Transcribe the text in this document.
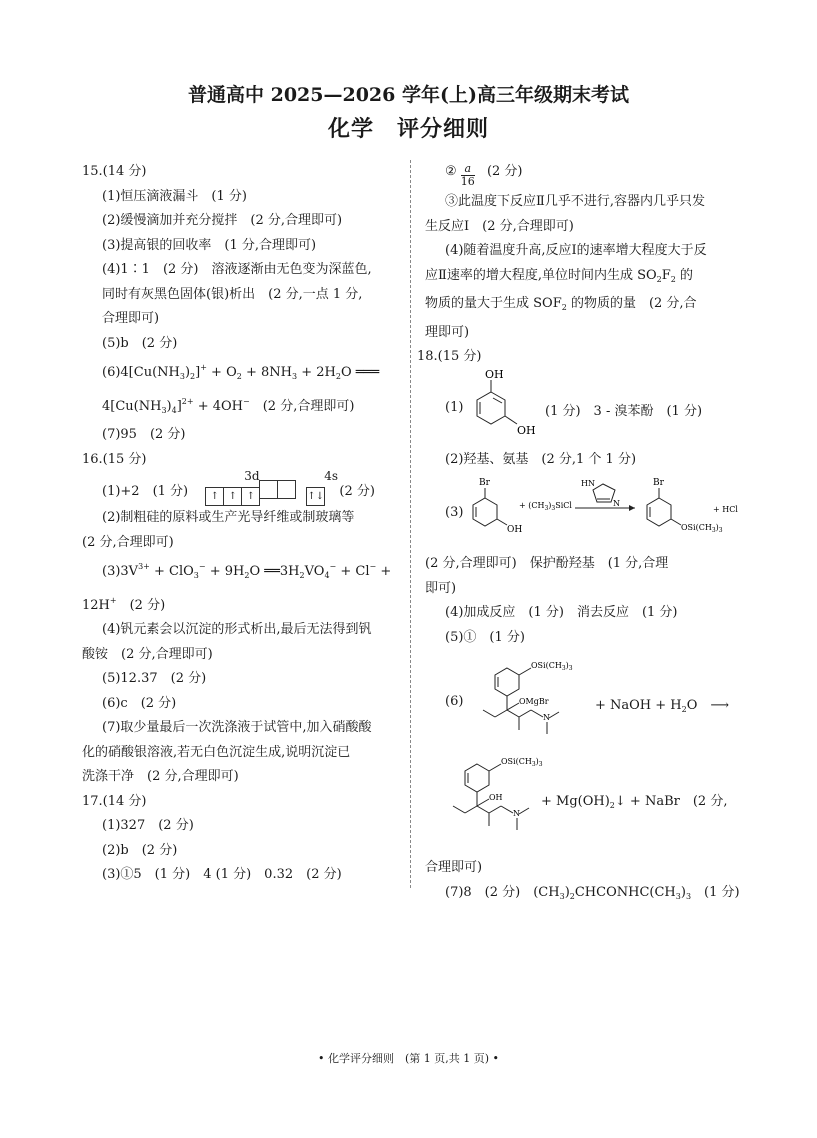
普通高中 2025—2026 学年(上)高三年级期末考试
化学　评分细则
15.(14 分)
(1)恒压滴液漏斗　(1 分)
(2)缓慢滴加并充分搅拌　(2 分,合理即可)
(3)提高银的回收率　(1 分,合理即可)
(4)1∶1　(2 分)　溶液逐渐由无色变为深蓝色,
同时有灰黑色固体(银)析出　(2 分,一点 1 分,
合理即可)
(5)b　(2 分)
$(6)4[Cu(NH_3)_2]^+ + O_2 + 8NH_3 + 2H_2O$ ═══
$4[Cu(NH_3)_4]^{2+} + 4OH^-$　(2 分,合理即可)
(7)95　(2 分)
16.(15 分)
(1)+2　(1 分)
3d	4s
↑ ↑ ↑	↑↓ (2 分)
(2)制粗硅的原料或生产光导纤维或制玻璃等
(2 分,合理即可)
$(3)3V^{3+} + ClO_3^- + 9H_2O$ $══3H_2VO_4^- + Cl^-$ +
12H+　 (2 分)
(4)钒元素会以沉淀的形式析出,最后无法得到钒
酸铵　(2 分,合理即可)
(5)12.37　(2 分)
(6)c　(2 分)
(7)取少量最后一次洗涤液于试管中,加入硝酸酸
化的硝酸银溶液,若无白色沉淀生成,说明沉淀已
洗涤干净　(2 分,合理即可)
17.(14 分)
(1)327　(2 分)
(2)b　(2 分)
(3)①5　(1 分)　4 (1 分)　0.32　(2 分)
② $\frac{a}{16} (2$ 分)
③此温度下反应Ⅱ几乎不进行,容器内几乎只发
生反应Ⅰ　(2 分,合理即可)
(4)随着温度升高,反应Ⅰ的速率增大程度大于反
应Ⅱ速率的增大程度,单位时间内生成 $SO_2F_2$ 的
物质的量大于生成 $SOF_2$ 的物质的量　(2 分,合
理即可)
18.(15 分)
(1)
OH
OH
(1 分)　3 - 溴苯酚　(1 分)
(2)羟基、氨基　(2 分,1 个 1 分)
(3)
Br
OH
+ $(CH_3)_3SiCl$
HN
N
Br
$OSi(CH_3)_3$
+ HCl
(2 分,合理即可)　 保护酚羟基　(1 分,合理
即可)
(4)加成反应　(1 分)　消去反应　(1 分)
(5)①　(1 分)
(6)
$OSi(CH_3)_3$
OMgBr
N
+ NaOH + $H_2O$　 ⟶
$OSi(CH_3)_3$
OH
N
+ $Mg(OH)_2↓$ + NaBr　(2 分,
合理即可)
(7)8　(2 分)　$(CH_3)_2CHCONHC(CH_3)_3$　 (1 分)
• 化学评分细则　(第 1 页,共 1 页) •
